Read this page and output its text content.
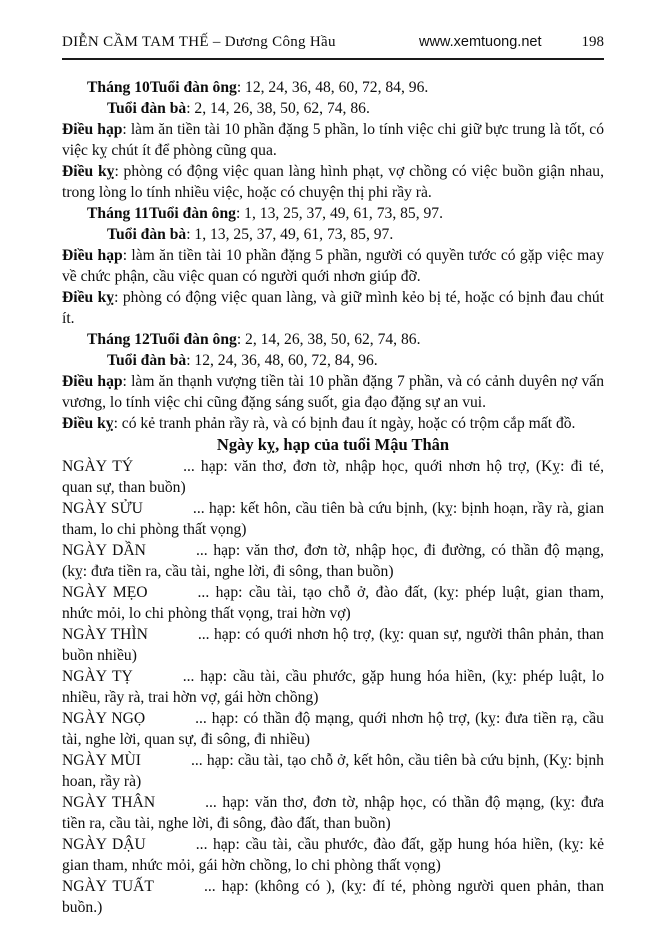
DIỄN CẦM TAM THẾ – Dương Công Hầu	www.xemtuong.net	198

Tháng 10Tuổi đàn ông: 12, 24, 36, 48, 60, 72, 84, 96.

Tuổi đàn bà: 2, 14, 26, 38, 50, 62, 74, 86.

Điều hạp: làm ăn tiền tài 10 phần đặng 5 phần, lo tính việc chi giữ bực trung là tốt, có việc kỵ chút ít để phòng cũng qua.

Điều kỵ: phòng có động việc quan làng hình phạt, vợ chồng có việc buồn giận nhau, trong lòng lo tính nhiều việc, hoặc có chuyện thị phi rầy rà.

Tháng 11Tuổi đàn ông: 1, 13, 25, 37, 49, 61, 73, 85, 97.

Tuổi đàn bà: 1, 13, 25, 37, 49, 61, 73, 85, 97.

Điều hạp: làm ăn tiền tài 10 phần đặng 5 phần, người có quyền tước có gặp việc may về chức phận, cầu việc quan có người quới nhơn giúp đỡ.

Điều kỵ: phòng có động việc quan làng, và giữ mình kẻo bị té, hoặc có bịnh đau chút ít.

Tháng 12Tuổi đàn ông: 2, 14, 26, 38, 50, 62, 74, 86.

Tuổi đàn bà: 12, 24, 36, 48, 60, 72, 84, 96.

Điều hạp: làm ăn thạnh vượng tiền tài 10 phần đặng 7 phần, và có cảnh duyên nợ vấn vương, lo tính việc chi cũng đặng sáng suốt, gia đạo đặng sự an vui.

Điều kỵ: có kẻ tranh phản rầy rà, và có bịnh đau ít ngày, hoặc có trộm cắp mất đồ.

Ngày kỵ, hạp của tuổi Mậu Thân

NGÀY TÝ	... hạp: văn thơ, đơn tờ, nhập học, quới nhơn hộ trợ, (Kỵ: đi té, quan sự, than buồn)

NGÀY SỬU	... hạp: kết hôn, cầu tiên bà cứu bịnh, (kỵ: bịnh hoạn, rầy rà, gian tham, lo chi phòng thất vọng)

NGÀY DẦN	... hạp: văn thơ, đơn tờ, nhập học, đi đường, có thần độ mạng, (kỵ: đưa tiền ra, cầu tài, nghe lời, đi sông, than buồn)

NGÀY MẸO	... hạp: cầu tài, tạo chỗ ở, đào đất, (kỵ: phép luật, gian tham, nhức mỏi, lo chi phòng thất vọng, trai hờn vợ)

NGÀY THÌN	... hạp: có quới nhơn hộ trợ, (kỵ: quan sự, người thân phản, than buồn nhiều)

NGÀY TỴ	... hạp: cầu tài, cầu phước, gặp hung hóa hiền, (kỵ: phép luật, lo nhiều, rầy rà, trai hờn vợ, gái hờn chồng)

NGÀY NGỌ	... hạp: có thần độ mạng, quới nhơn hộ trợ, (kỵ: đưa tiền rạ, cầu tài, nghe lời, quan sự, đi sông, đi nhiều)

NGÀY MÙI	... hạp: cầu tài, tạo chỗ ở, kết hôn, cầu tiên bà cứu bịnh, (Kỵ: bịnh hoan, rầy rà)

NGÀY THÂN	... hạp: văn thơ, đơn tờ, nhập học, có thần độ mạng, (kỵ: đưa tiền ra, cầu tài, nghe lời, đi sông, đào đất, than buồn)

NGÀY DẬU	... hạp: cầu tài, cầu phước, đào đất, gặp hung hóa hiền, (kỵ: kẻ gian tham, nhức mỏi, gái hờn chồng, lo chi phòng thất vọng)

NGÀY TUẤT	... hạp: (không có ), (kỵ: đí té, phòng người quen phản, than buồn.)
